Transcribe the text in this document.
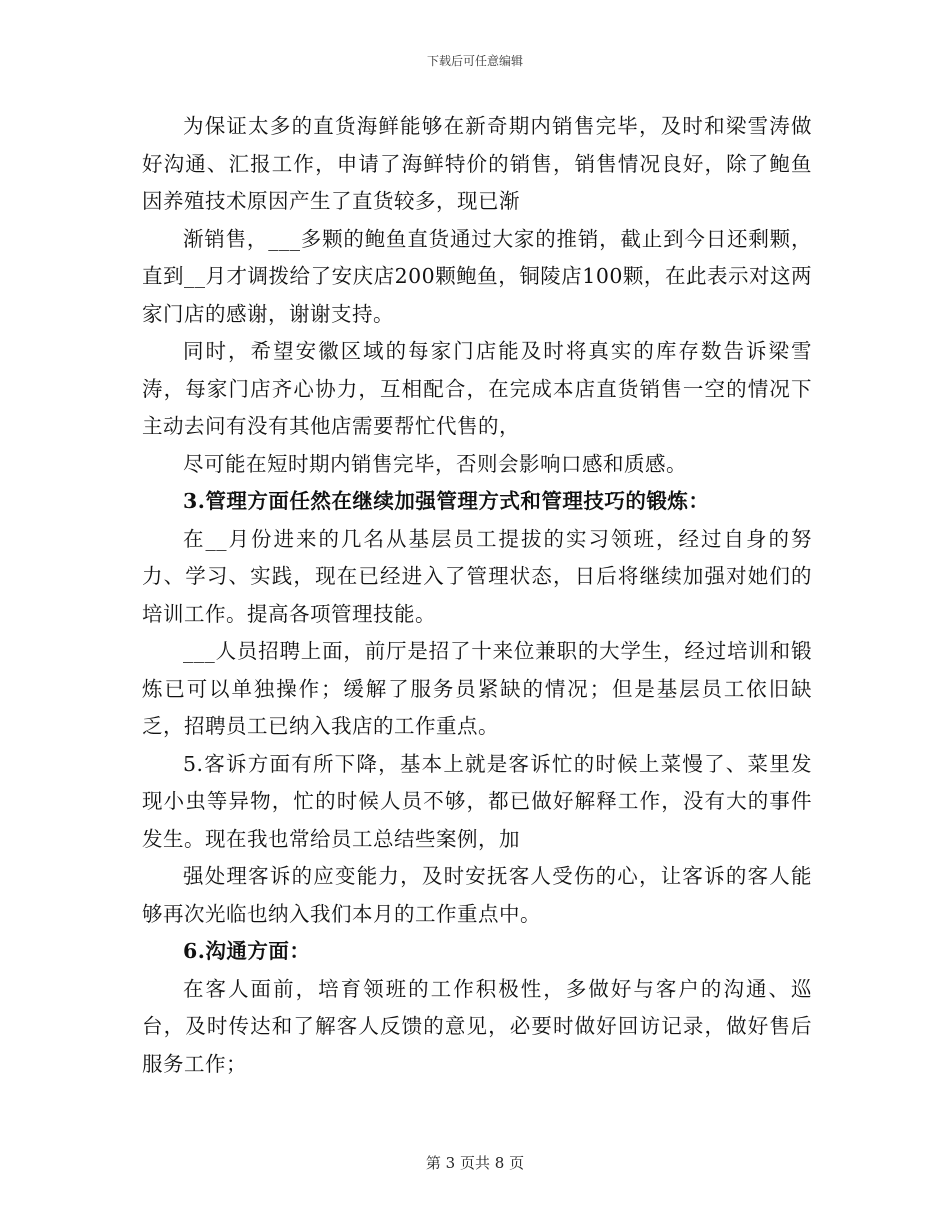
下载后可任意编辑

为保证太多的直货海鲜能够在新奇期内销售完毕，及时和梁雪涛做好沟通、汇报工作，申请了海鲜特价的销售，销售情况良好，除了鲍鱼因养殖技术原因产生了直货较多，现已渐

渐销售，___多颗的鲍鱼直货通过大家的推销，截止到今日还剩颗，直到__月才调拨给了安庆店200颗鲍鱼，铜陵店100颗，在此表示对这两家门店的感谢，谢谢支持。

同时，希望安徽区域的每家门店能及时将真实的库存数告诉梁雪涛，每家门店齐心协力，互相配合，在完成本店直货销售一空的情况下主动去问有没有其他店需要帮忙代售的，

尽可能在短时期内销售完毕，否则会影响口感和质感。

3.管理方面任然在继续加强管理方式和管理技巧的锻炼：

在__月份进来的几名从基层员工提拔的实习领班，经过自身的努力、学习、实践，现在已经进入了管理状态，日后将继续加强对她们的培训工作。提高各项管理技能。

___人员招聘上面，前厅是招了十来位兼职的大学生，经过培训和锻炼已可以单独操作；缓解了服务员紧缺的情况；但是基层员工依旧缺乏，招聘员工已纳入我店的工作重点。

5.客诉方面有所下降，基本上就是客诉忙的时候上菜慢了、菜里发现小虫等异物，忙的时候人员不够，都已做好解释工作，没有大的事件发生。现在我也常给员工总结些案例，加

强处理客诉的应变能力，及时安抚客人受伤的心，让客诉的客人能够再次光临也纳入我们本月的工作重点中。

6.沟通方面：

在客人面前，培育领班的工作积极性，多做好与客户的沟通、巡台，及时传达和了解客人反馈的意见，必要时做好回访记录，做好售后服务工作；

第 3 页共 8 页
